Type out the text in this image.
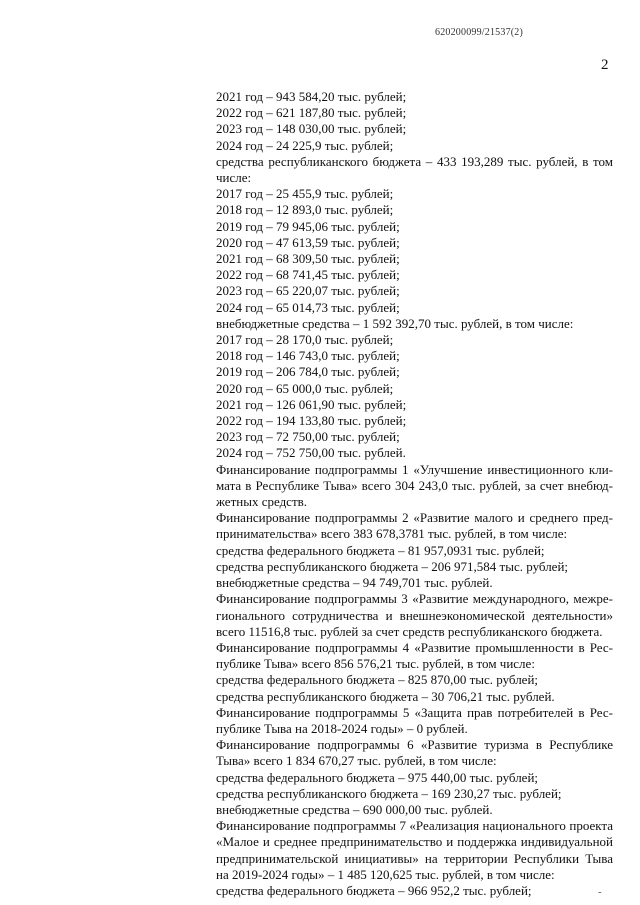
620200099/21537(2)
2
2021 год – 943 584,20 тыс. рублей;
2022 год – 621 187,80 тыс. рублей;
2023 год – 148 030,00 тыс. рублей;
2024 год – 24 225,9 тыс. рублей;
средства республиканского бюджета – 433 193,289 тыс. рублей, в том
числе:
2017 год – 25 455,9 тыс. рублей;
2018 год – 12 893,0 тыс. рублей;
2019 год – 79 945,06 тыс. рублей;
2020 год – 47 613,59 тыс. рублей;
2021 год – 68 309,50 тыс. рублей;
2022 год – 68 741,45 тыс. рублей;
2023 год – 65 220,07 тыс. рублей;
2024 год – 65 014,73 тыс. рублей;
внебюджетные средства – 1 592 392,70 тыс. рублей, в том числе:
2017 год – 28 170,0 тыс. рублей;
2018 год – 146 743,0 тыс. рублей;
2019 год – 206 784,0 тыс. рублей;
2020 год – 65 000,0 тыс. рублей;
2021 год – 126 061,90 тыс. рублей;
2022 год – 194 133,80 тыс. рублей;
2023 год – 72 750,00 тыс. рублей;
2024 год – 752 750,00 тыс. рублей.
Финансирование подпрограммы 1 «Улучшение инвестиционного кли-
мата в Республике Тыва» всего 304 243,0 тыс. рублей, за счет внебюд-
жетных средств.
Финансирование подпрограммы 2 «Развитие малого и среднего пред-
принимательства» всего 383 678,3781 тыс. рублей, в том числе:
средства федерального бюджета – 81 957,0931 тыс. рублей;
средства республиканского бюджета – 206 971,584 тыс. рублей;
внебюджетные средства – 94 749,701 тыс. рублей.
Финансирование подпрограммы 3 «Развитие международного, межре-
гионального сотрудничества и внешнеэкономической деятельности»
всего 11516,8 тыс. рублей за счет средств республиканского бюджета.
Финансирование подпрограммы 4 «Развитие промышленности в Рес-
публике Тыва» всего 856 576,21 тыс. рублей, в том числе:
средства федерального бюджета – 825 870,00 тыс. рублей;
средства республиканского бюджета – 30 706,21 тыс. рублей.
Финансирование подпрограммы 5 «Защита прав потребителей в Рес-
публике Тыва на 2018-2024 годы» – 0 рублей.
Финансирование подпрограммы 6 «Развитие туризма в Республике
Тыва» всего 1 834 670,27 тыс. рублей, в том числе:
средства федерального бюджета – 975 440,00 тыс. рублей;
средства республиканского бюджета – 169 230,27 тыс. рублей;
внебюджетные средства – 690 000,00 тыс. рублей.
Финансирование подпрограммы 7 «Реализация национального проекта
«Малое и среднее предпринимательство и поддержка индивидуальной
предпринимательской инициативы» на территории Республики Тыва
на 2019-2024 годы» – 1 485 120,625 тыс. рублей, в том числе:
средства федерального бюджета – 966 952,2 тыс. рублей;	-
